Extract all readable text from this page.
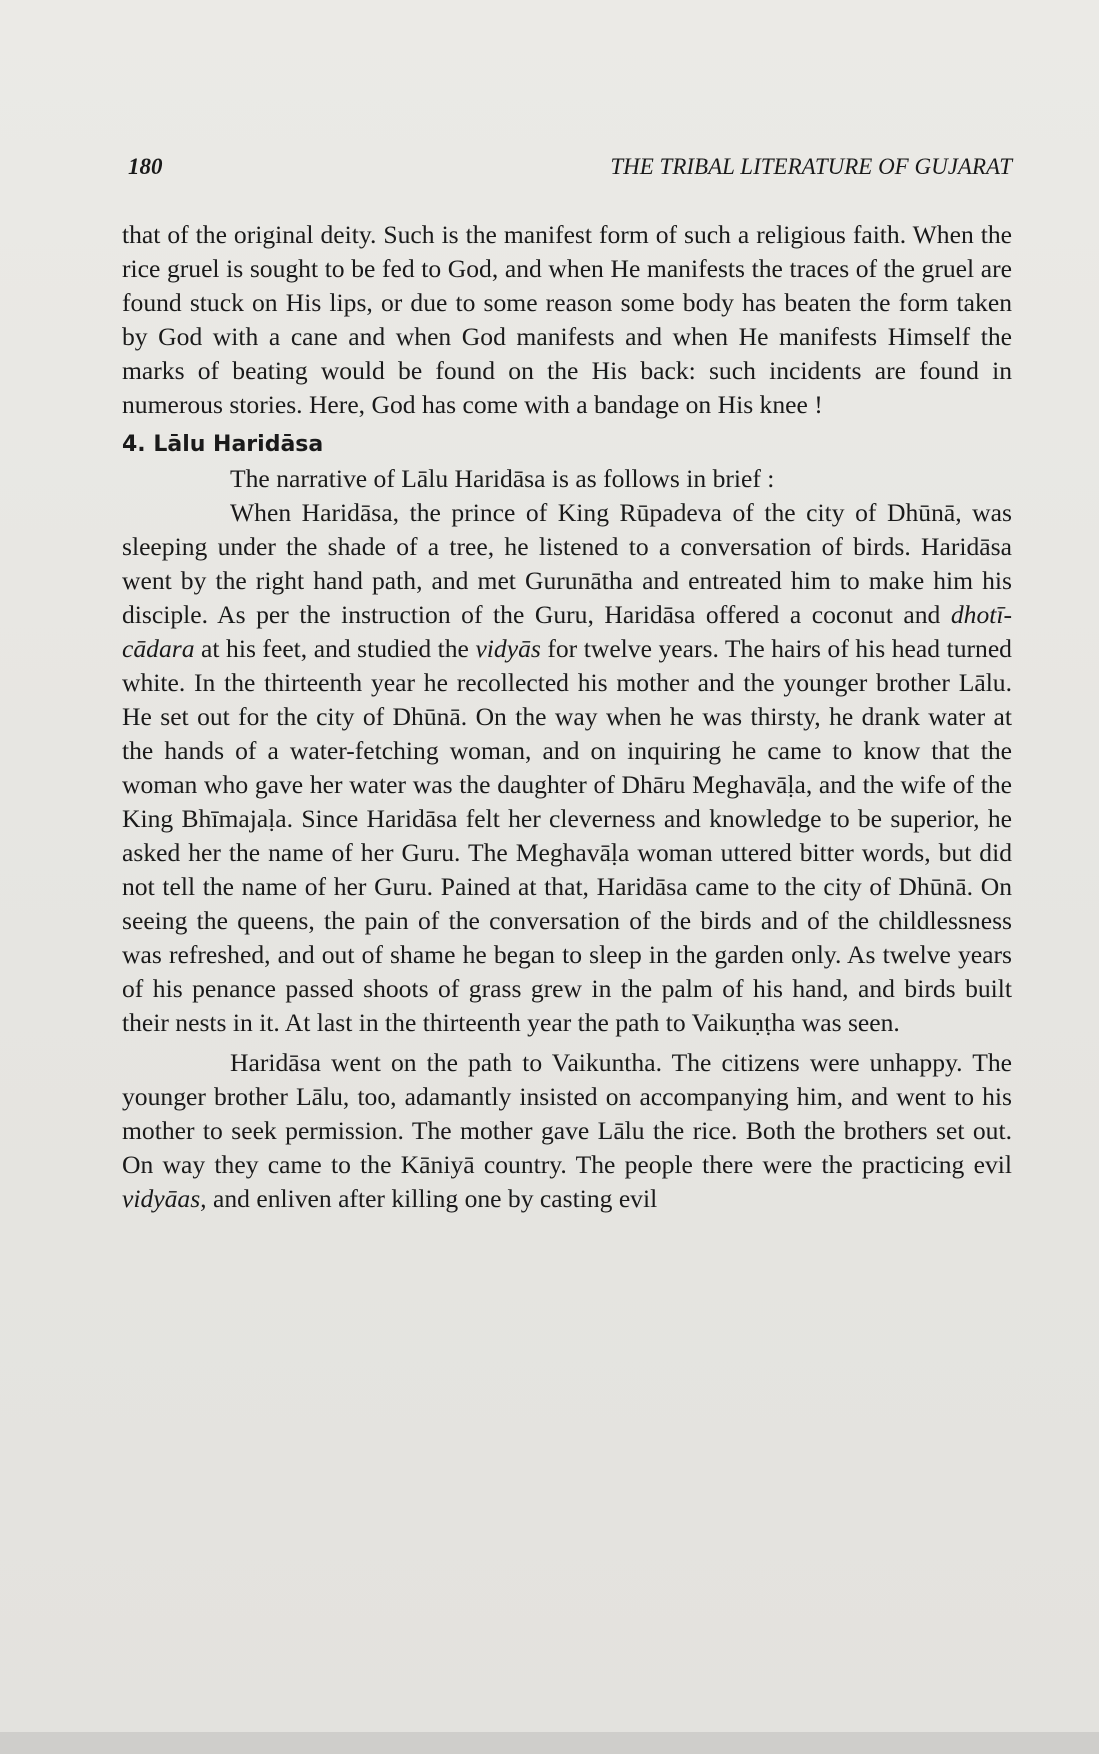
180	THE TRIBAL LITERATURE OF GUJARAT

that of the original deity. Such is the manifest form of such a religious faith. When the rice gruel is sought to be fed to God, and when He manifests the traces of the gruel are found stuck on His lips, or due to some reason some body has beaten the form taken by God with a cane and when God manifests and when He manifests Himself the marks of beating would be found on the His back: such incidents are found in numerous stories. Here, God has come with a bandage on His knee !

4. Lālu Haridāsa

The narrative of Lālu Haridāsa is as follows in brief :

When Haridāsa, the prince of King Rūpadeva of the city of Dhūnā, was sleeping under the shade of a tree, he listened to a conversation of birds. Haridāsa went by the right hand path, and met Gurunātha and entreated him to make him his disciple. As per the instruction of the Guru, Haridāsa offered a coconut and dhotī-cādara at his feet, and studied the vidyās for twelve years. The hairs of his head turned white. In the thirteenth year he recollected his mother and the younger brother Lālu. He set out for the city of Dhūnā. On the way when he was thirsty, he drank water at the hands of a water-fetching woman, and on inquiring he came to know that the woman who gave her water was the daughter of Dhāru Meghavāḷa, and the wife of the King Bhīmajaḷa. Since Haridāsa felt her cleverness and knowledge to be superior, he asked her the name of her Guru. The Meghavāḷa woman uttered bitter words, but did not tell the name of her Guru. Pained at that, Haridāsa came to the city of Dhūnā. On seeing the queens, the pain of the conversation of the birds and of the childlessness was refreshed, and out of shame he began to sleep in the garden only. As twelve years of his penance passed shoots of grass grew in the palm of his hand, and birds built their nests in it. At last in the thirteenth year the path to Vaikuṇṭha was seen.

Haridāsa went on the path to Vaikuntha. The citizens were unhappy. The younger brother Lālu, too, adamantly insisted on accompanying him, and went to his mother to seek permission. The mother gave Lālu the rice. Both the brothers set out. On way they came to the Kāniyā country. The people there were the practicing evil vidyāas, and enliven after killing one by casting evil
